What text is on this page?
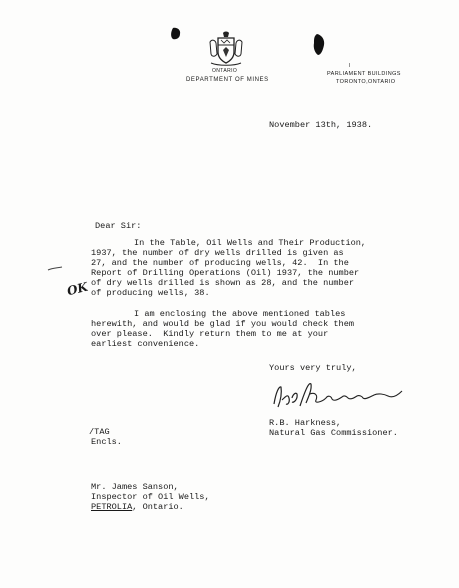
ONTARIO
DEPARTMENT OF MINES
I
PARLIAMENT BUILDINGS
TORONTO,ONTARIO
November 13th, 1938.
Dear Sir:
In the Table, Oil Wells and Their Production,
1937, the number of dry wells drilled is given as
27, and the number of producing wells, 42.  In the
Report of Drilling Operations (Oil) 1937, the number
of dry wells drilled is shown as 28, and the number
of producing wells, 38.
OK
I am enclosing the above mentioned tables
herewith, and would be glad if you would check them
over please.  Kindly return them to me at your
earliest convenience.
Yours very truly,
R.B. Harkness,
Natural Gas Commissioner.
/TAG
Encls.
Mr. James Sanson,
Inspector of Oil Wells,
PETROLIA, Ontario.
